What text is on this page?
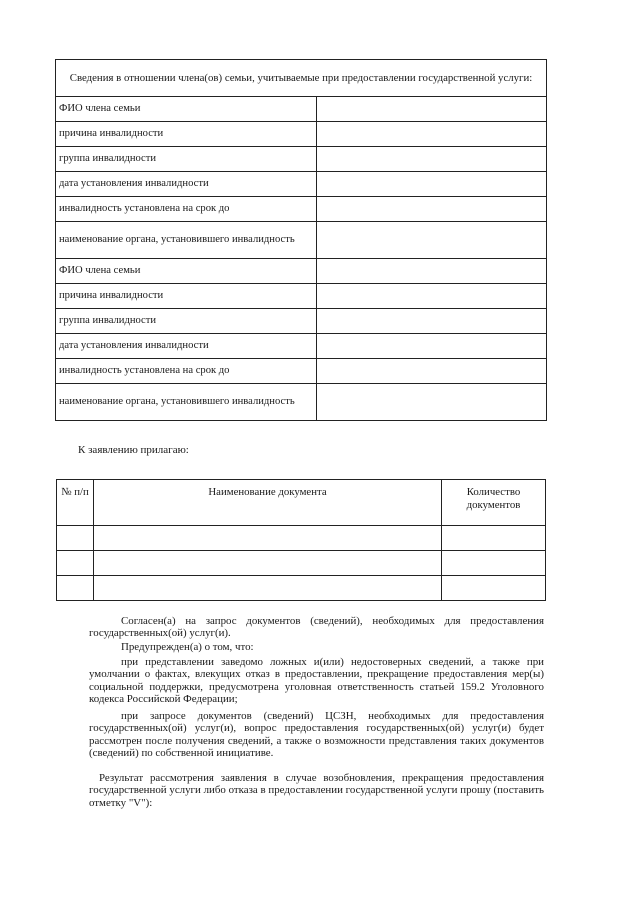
Сведения в отношении члена(ов) семьи, учитываемые при предоставлении государственной услуги:	
ФИО члена семьи	
причина инвалидности	
группа инвалидности	
дата установления инвалидности	
инвалидность установлена на срок до	
наименование органа, установившего инвалидность	
ФИО члена семьи	
причина инвалидности	
группа инвалидности	
дата установления инвалидности	
инвалидность установлена на срок до	
наименование органа, установившего инвалидность	
К заявлению прилагаю:
№ п/п	Наименование документа	Количество документов

Согласен(а) на запрос документов (сведений), необходимых для предоставления государственных(ой) услуг(и).

Предупрежден(а) о том, что:

при представлении заведомо ложных и(или) недостоверных сведений, а также при умолчании о фактах, влекущих отказ в предоставлении, прекращение предоставления мер(ы) социальной поддержки, предусмотрена уголовная ответственность статьей 159.2 Уголовного кодекса Российской Федерации;

при запросе документов (сведений) ЦСЗН, необходимых для предоставления государственных(ой) услуг(и), вопрос предоставления государственных(ой) услуг(и) будет рассмотрен после получения сведений, а также о возможности представления таких документов (сведений) по собственной инициативе.

Результат рассмотрения заявления в случае возобновления, прекращения предоставления государственной услуги либо отказа в предоставлении государственной услуги прошу (поставить отметку "V"):
